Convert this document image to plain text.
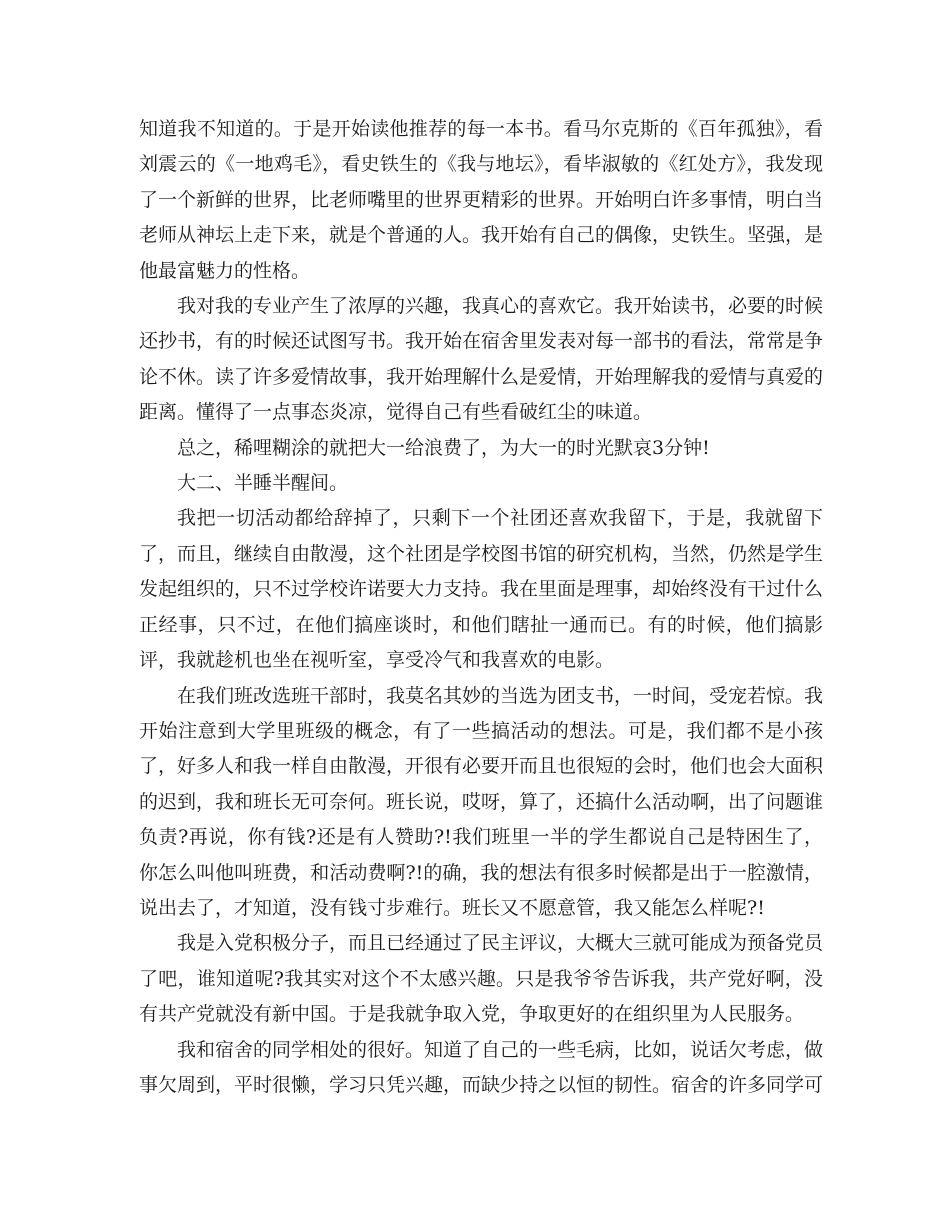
知道我不知道的。于是开始读他推荐的每一本书。看马尔克斯的《百年孤独》，看刘震云的《一地鸡毛》，看史铁生的《我与地坛》，看毕淑敏的《红处方》，我发现了一个新鲜的世界，比老师嘴里的世界更精彩的世界。开始明白许多事情，明白当老师从神坛上走下来，就是个普通的人。我开始有自己的偶像，史铁生。坚强，是他最富魅力的性格。

我对我的专业产生了浓厚的兴趣，我真心的喜欢它。我开始读书，必要的时候还抄书，有的时候还试图写书。我开始在宿舍里发表对每一部书的看法，常常是争论不休。读了许多爱情故事，我开始理解什么是爱情，开始理解我的爱情与真爱的距离。懂得了一点事态炎凉，觉得自己有些看破红尘的味道。

总之，稀哩糊涂的就把大一给浪费了，为大一的时光默哀3分钟!

大二、半睡半醒间。

我把一切活动都给辞掉了，只剩下一个社团还喜欢我留下，于是，我就留下了，而且，继续自由散漫，这个社团是学校图书馆的研究机构，当然，仍然是学生发起组织的，只不过学校许诺要大力支持。我在里面是理事，却始终没有干过什么正经事，只不过，在他们搞座谈时，和他们瞎扯一通而已。有的时候，他们搞影评，我就趁机也坐在视听室，享受冷气和我喜欢的电影。

在我们班改选班干部时，我莫名其妙的当选为团支书，一时间，受宠若惊。我开始注意到大学里班级的概念，有了一些搞活动的想法。可是，我们都不是小孩了，好多人和我一样自由散漫，开很有必要开而且也很短的会时，他们也会大面积的迟到，我和班长无可奈何。班长说，哎呀，算了，还搞什么活动啊，出了问题谁负责?再说，你有钱?还是有人赞助?!我们班里一半的学生都说自己是特困生了，你怎么叫他叫班费，和活动费啊?!的确，我的想法有很多时候都是出于一腔激情，说出去了，才知道，没有钱寸步难行。班长又不愿意管，我又能怎么样呢?!

我是入党积极分子，而且已经通过了民主评议，大概大三就可能成为预备党员了吧，谁知道呢?我其实对这个不太感兴趣。只是我爷爷告诉我，共产党好啊，没有共产党就没有新中国。于是我就争取入党，争取更好的在组织里为人民服务。

我和宿舍的同学相处的很好。知道了自己的一些毛病，比如，说话欠考虑，做事欠周到，平时很懒，学习只凭兴趣，而缺少持之以恒的韧性。宿舍的许多同学可
